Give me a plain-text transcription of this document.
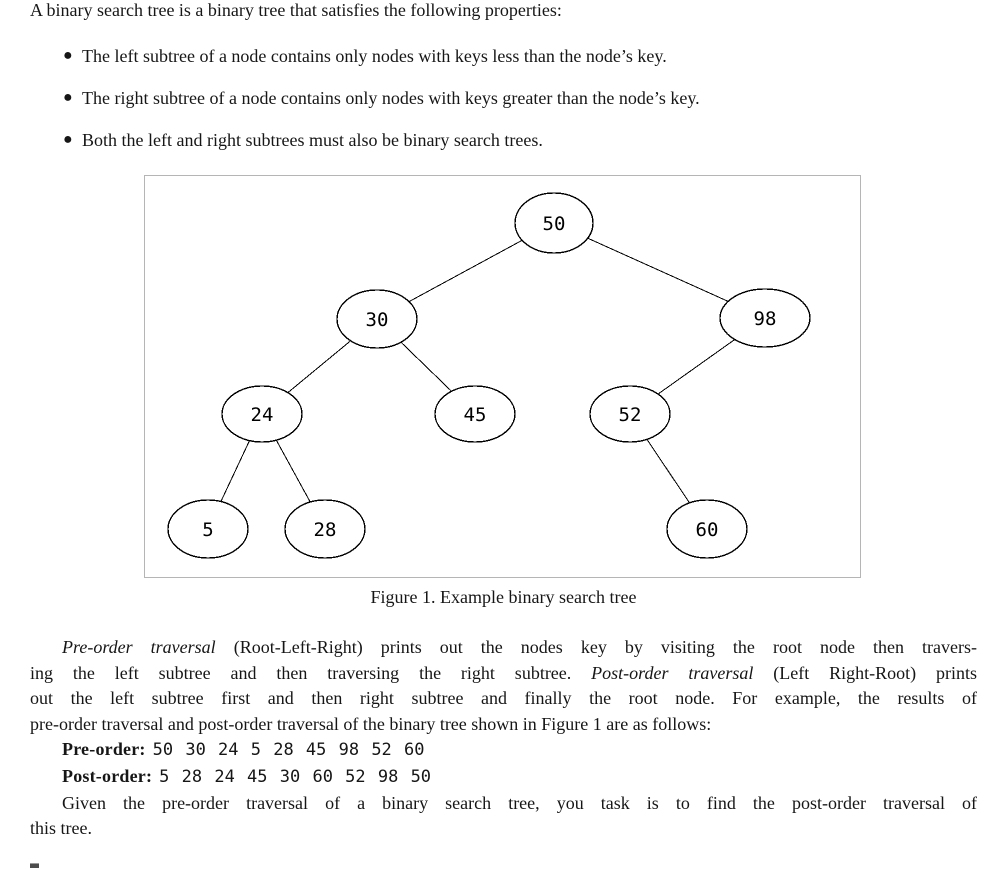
A binary search tree is a binary tree that satisfies the following properties:

● The left subtree of a node contains only nodes with keys less than the node’s key.
● The right subtree of a node contains only nodes with keys greater than the node’s key.
● Both the left and right subtrees must also be binary search trees.
50
30	98
24	45	52
5	28	60
Figure 1. Example binary search tree
Pre-order traversal (Root-Left-Right) prints out the nodes key by visiting the root node then travers-
ing the left subtree and then traversing the right subtree. Post-order traversal (Left Right-Root) prints
out the left subtree first and then right subtree and finally the root node. For example, the results of
pre-order traversal and post-order traversal of the binary tree shown in Figure 1 are as follows:
Pre-order: 50 30 24 5 28 45 98 52 60
Post-order: 5 28 24 45 30 60 52 98 50
Given the pre-order traversal of a binary search tree, you task is to find the post-order traversal of
this tree.
